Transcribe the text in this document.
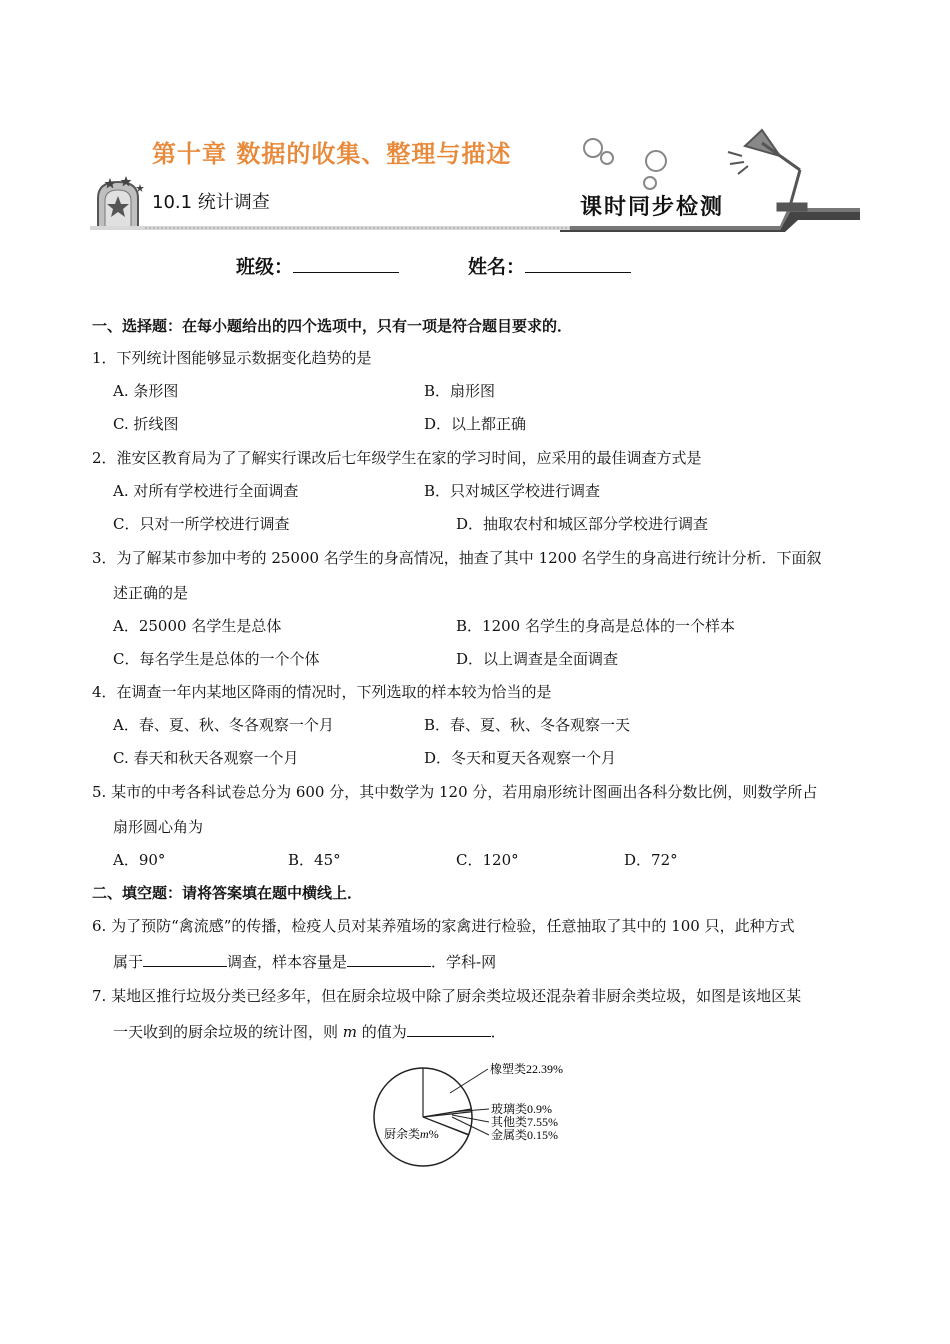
第十章 数据的收集、整理与描述
10.1 统计调查	课时同步检测
班级：	姓名：
一、选择题：在每小题给出的四个选项中，只有一项是符合题目要求的．
1．下列统计图能够显示数据变化趋势的是
A. 条形图	B．扇形图
C. 折线图	D．以上都正确
2．淮安区教育局为了了解实行课改后七年级学生在家的学习时间，应采用的最佳调查方式是
A. 对所有学校进行全面调查	B．只对城区学校进行调查
C．只对一所学校进行调查	D．抽取农村和城区部分学校进行调查
3．为了解某市参加中考的 25000 名学生的身高情况，抽查了其中 1200 名学生的身高进行统计分析．下面叙
述正确的是
A．25000 名学生是总体	B．1200 名学生的身高是总体的一个样本
C．每名学生是总体的一个个体	D．以上调查是全面调查
4．在调查一年内某地区降雨的情况时，下列选取的样本较为恰当的是
A．春、夏、秋、冬各观察一个月	B．春、夏、秋、冬各观察一天
C. 春天和秋天各观察一个月	D．冬天和夏天各观察一个月
5. 某市的中考各科试卷总分为 600 分，其中数学为 120 分，若用扇形统计图画出各科分数比例，则数学所占
扇形圆心角为
A．90°	B．45°	C．120°	D．72°
二、填空题：请将答案填在题中横线上．
6. 为了预防“禽流感”的传播，检疫人员对某养殖场的家禽进行检验，任意抽取了其中的 100 只，此种方式
属于	调查，样本容量是	．学科-网
7. 某地区推行垃圾分类已经多年，但在厨余垃圾中除了厨余类垃圾还混杂着非厨余类垃圾，如图是该地区某
一天收到的厨余垃圾的统计图，则 m 的值为	．
橡塑类22.39%
玻璃类0.9%
其他类7.55%
金属类0.15%
厨余类m%
